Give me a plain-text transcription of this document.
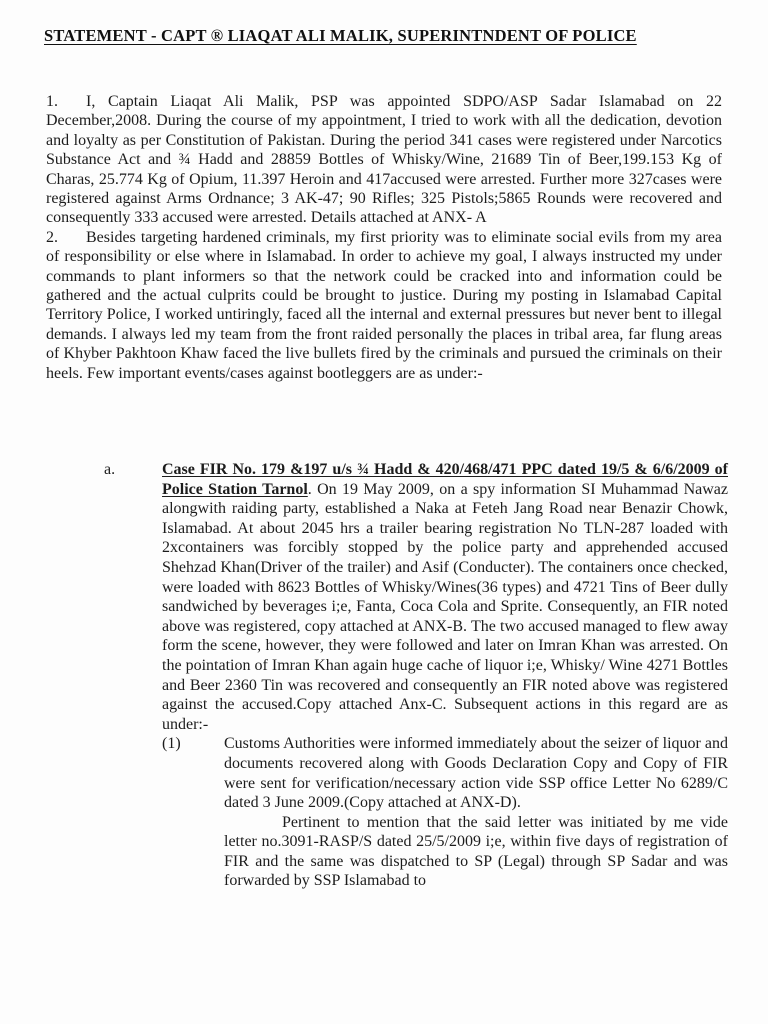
STATEMENT - CAPT ® LIAQAT ALI MALIK, SUPERINTNDENT OF POLICE

1. I, Captain Liaqat Ali Malik, PSP was appointed SDPO/ASP Sadar Islamabad on 22 December,2008. During the course of my appointment, I tried to work with all the dedication, devotion and loyalty as per Constitution of Pakistan. During the period 341 cases were registered under Narcotics Substance Act and ¾ Hadd and 28859 Bottles of Whisky/Wine, 21689 Tin of Beer,199.153 Kg of Charas, 25.774 Kg of Opium, 11.397 Heroin and 417accused were arrested. Further more 327cases were registered against Arms Ordnance; 3 AK-47; 90 Rifles; 325 Pistols;5865 Rounds were recovered and consequently 333 accused were arrested. Details attached at ANX- A

2. Besides targeting hardened criminals, my first priority was to eliminate social evils from my area of responsibility or else where in Islamabad. In order to achieve my goal, I always instructed my under commands to plant informers so that the network could be cracked into and information could be gathered and the actual culprits could be brought to justice. During my posting in Islamabad Capital Territory Police, I worked untiringly, faced all the internal and external pressures but never bent to illegal demands. I always led my team from the front raided personally the places in tribal area, far flung areas of Khyber Pakhtoon Khaw faced the live bullets fired by the criminals and pursued the criminals on their heels. Few important events/cases against bootleggers are as under:-

a.	Case FIR No. 179 &197 u/s ¾ Hadd & 420/468/471 PPC dated 19/5 & 6/6/2009 of Police Station Tarnol. On 19 May 2009, on a spy information SI Muhammad Nawaz alongwith raiding party, established a Naka at Feteh Jang Road near Benazir Chowk, Islamabad. At about 2045 hrs a trailer bearing registration No TLN-287 loaded with 2xcontainers was forcibly stopped by the police party and apprehended accused Shehzad Khan(Driver of the trailer) and Asif (Conducter). The containers once checked, were loaded with 8623 Bottles of Whisky/Wines(36 types) and 4721 Tins of Beer dully sandwiched by beverages i;e, Fanta, Coca Cola and Sprite. Consequently, an FIR noted above was registered, copy attached at ANX-B. The two accused managed to flew away form the scene, however, they were followed and later on Imran Khan was arrested. On the pointation of Imran Khan again huge cache of liquor i;e, Whisky/ Wine 4271 Bottles and Beer 2360 Tin was recovered and consequently an FIR noted above was registered against the accused.Copy attached Anx-C. Subsequent actions in this regard are as under:-
(1)	Customs Authorities were informed immediately about the seizer of liquor and documents recovered along with Goods Declaration Copy and Copy of FIR were sent for verification/necessary action vide SSP office Letter No 6289/C dated 3 June 2009.(Copy attached at ANX-D).
Pertinent to mention that the said letter was initiated by me vide letter no.3091-RASP/S dated 25/5/2009 i;e, within five days of registration of FIR and the same was dispatched to SP (Legal) through SP Sadar and was forwarded by SSP Islamabad to
